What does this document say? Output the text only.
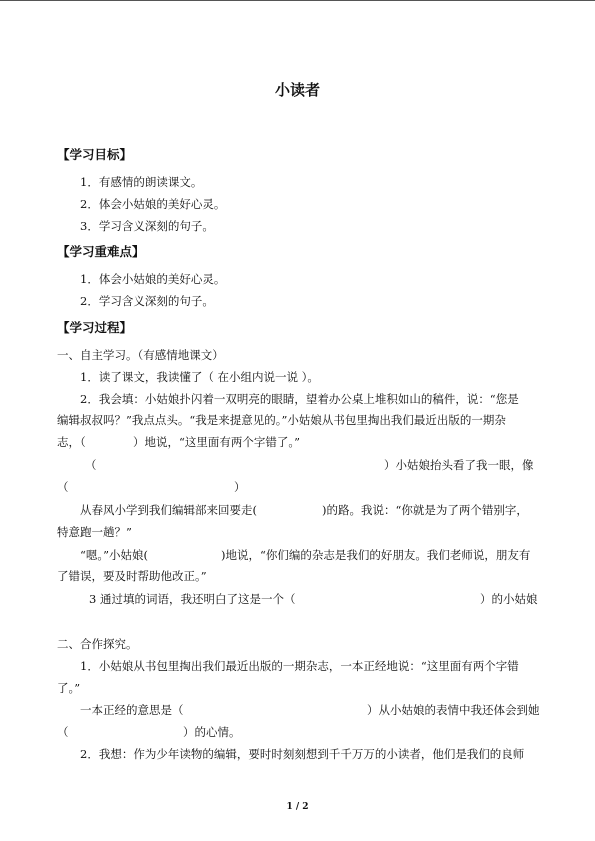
小读者
【学习目标】
1．有感情的朗读课文。
2．体会小姑娘的美好心灵。
3．学习含义深刻的句子。
【学习重难点】
1．体会小姑娘的美好心灵。
2．学习含义深刻的句子。
【学习过程】
一、自主学习。（有感情地课文）
1．读了课文，我读懂了（ 在小组内说一说 ）。
2．我会填：小姑娘扑闪着一双明亮的眼睛，望着办公桌上堆积如山的稿件，说：“您是
编辑叔叔吗？”我点点头。“我是来提意见的。”小姑娘从书包里掏出我们最近出版的一期杂
志，（	）地说，“这里面有两个字错了。”
（	）小姑娘抬头看了我一眼，像
（	）
从春风小学到我们编辑部来回要走(	)的路。我说：“你就是为了两个错别字，
特意跑一趟？”
“嗯。”小姑娘(	)地说，“你们编的杂志是我们的好朋友。我们老师说，朋友有
了错误，要及时帮助他改正。”
3 通过填的词语，我还明白了这是一个（	）的小姑娘
二、合作探究。
1．小姑娘从书包里掏出我们最近出版的一期杂志，一本正经地说：“这里面有两个字错
了。”
一本正经的意思是（	）从小姑娘的表情中我还体会到她
（	）的心情。
2．我想：作为少年读物的编辑，要时时刻刻想到千千万万的小读者，他们是我们的良师
1 / 2
